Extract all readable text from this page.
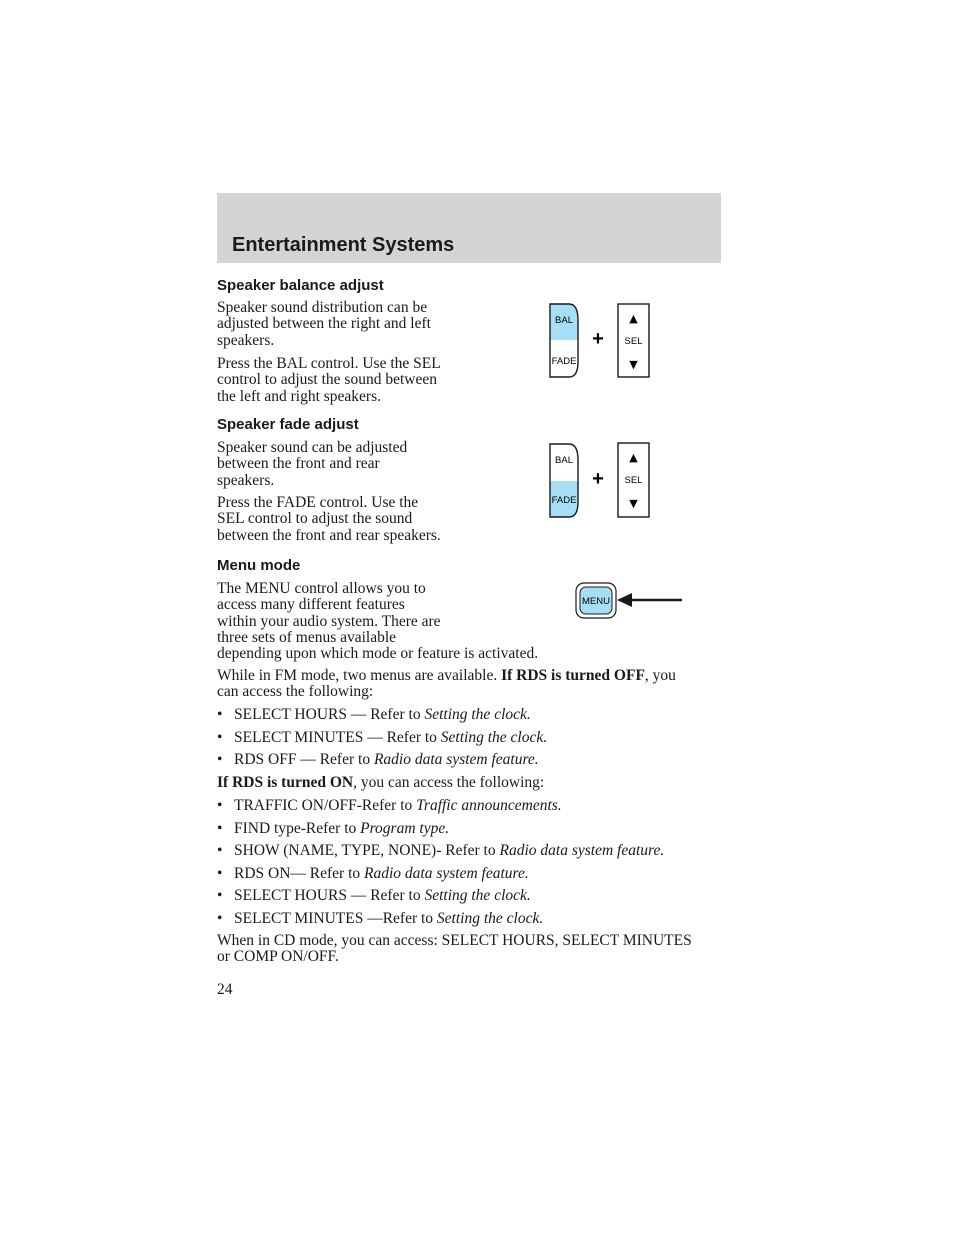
Entertainment Systems
Speaker balance adjust
Speaker sound distribution can be
adjusted between the right and left
speakers.
Press the BAL control. Use the SEL
control to adjust the sound between
the left and right speakers.
BAL
FADE
+
▲
SEL
▼
Speaker fade adjust
Speaker sound can be adjusted
between the front and rear
speakers.
Press the FADE control. Use the
SEL control to adjust the sound
between the front and rear speakers.
BAL
FADE
+
▲
SEL
▼
Menu mode
The MENU control allows you to
access many different features
within your audio system. There are
three sets of menus available
depending upon which mode or feature is activated.
MENU
While in FM mode, two menus are available. If RDS is turned OFF, you
can access the following:
• SELECT HOURS — Refer to Setting the clock.
• SELECT MINUTES — Refer to Setting the clock.
• RDS OFF — Refer to Radio data system feature.
If RDS is turned ON, you can access the following:
• TRAFFIC ON/OFF-Refer to Traffic announcements.
• FIND type-Refer to Program type.
• SHOW (NAME, TYPE, NONE)- Refer to Radio data system feature.
• RDS ON— Refer to Radio data system feature.
• SELECT HOURS — Refer to Setting the clock.
• SELECT MINUTES —Refer to Setting the clock.
When in CD mode, you can access: SELECT HOURS, SELECT MINUTES
or COMP ON/OFF.
24
